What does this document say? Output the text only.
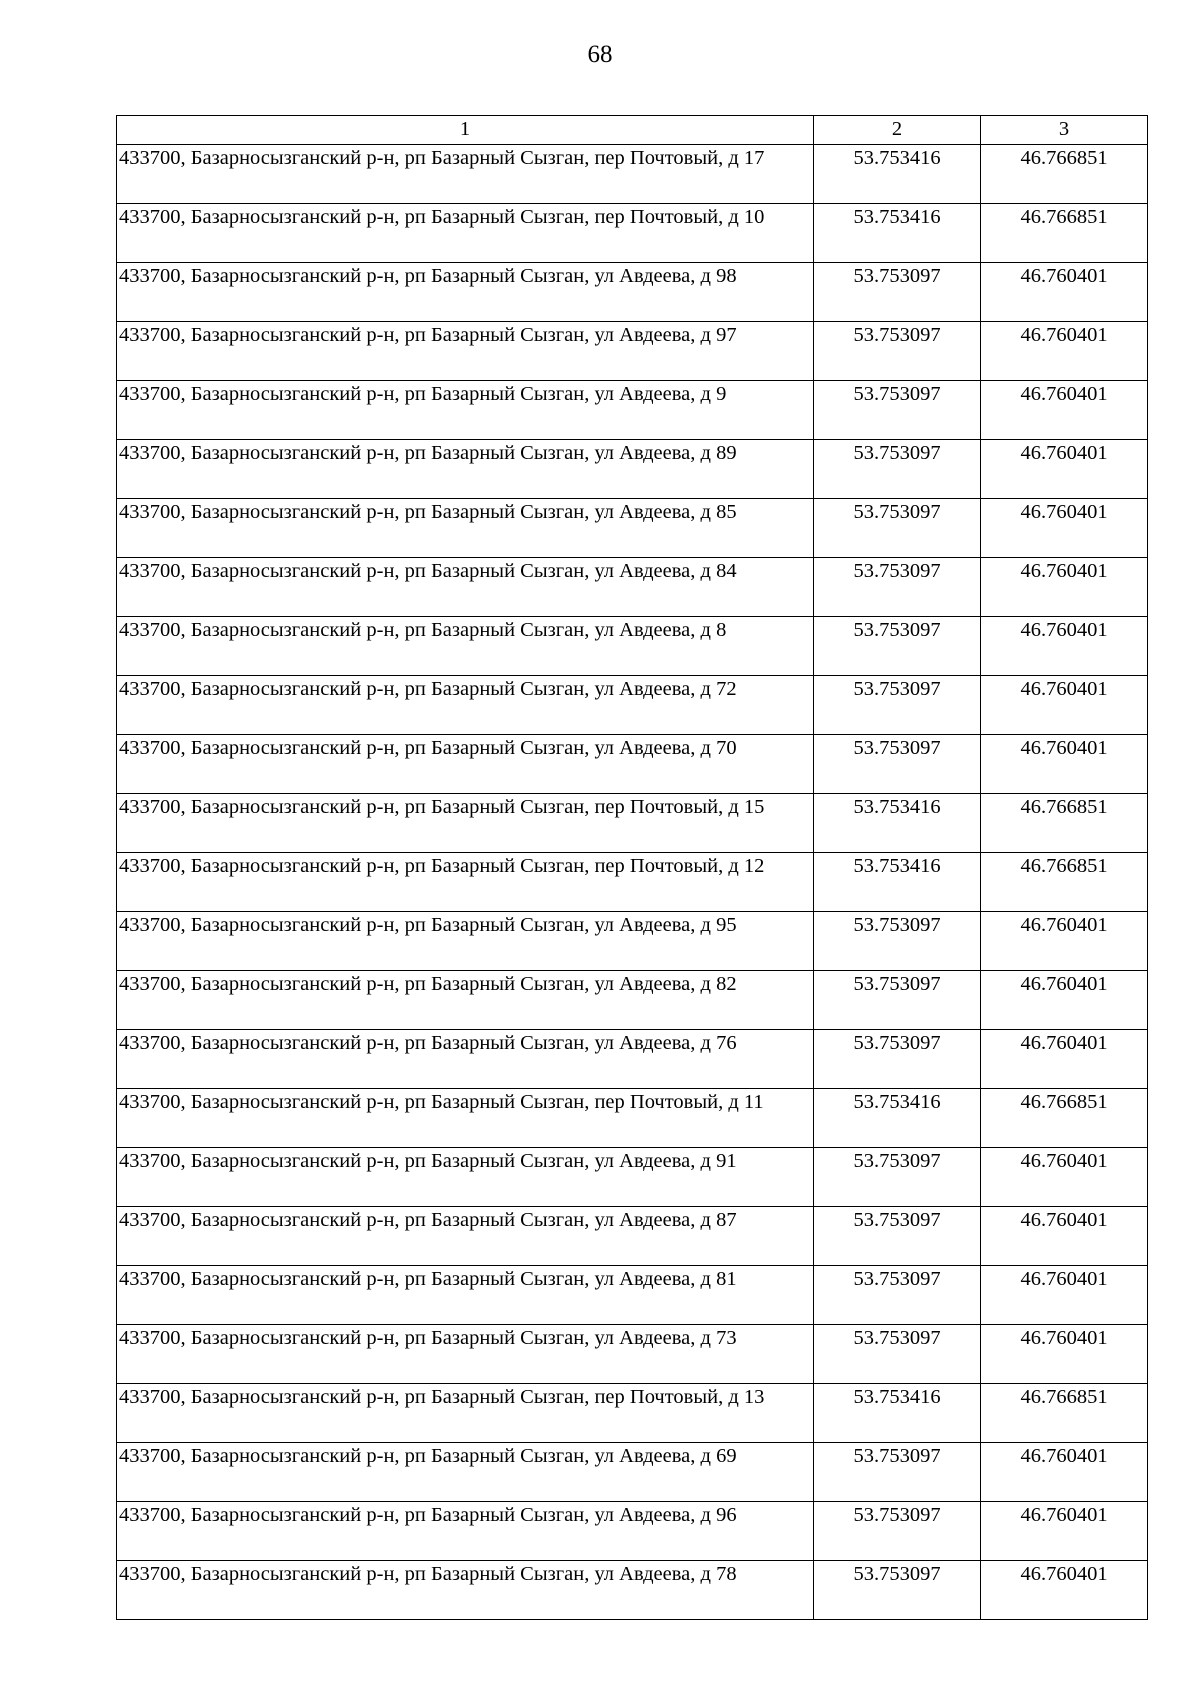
68
1	2	3
433700, Базарносызганский р-н, рп Базарный Сызган, пер Почтовый, д 17	53.753416	46.766851
433700, Базарносызганский р-н, рп Базарный Сызган, пер Почтовый, д 10	53.753416	46.766851
433700, Базарносызганский р-н, рп Базарный Сызган, ул Авдеева, д 98	53.753097	46.760401
433700, Базарносызганский р-н, рп Базарный Сызган, ул Авдеева, д 97	53.753097	46.760401
433700, Базарносызганский р-н, рп Базарный Сызган, ул Авдеева, д 9	53.753097	46.760401
433700, Базарносызганский р-н, рп Базарный Сызган, ул Авдеева, д 89	53.753097	46.760401
433700, Базарносызганский р-н, рп Базарный Сызган, ул Авдеева, д 85	53.753097	46.760401
433700, Базарносызганский р-н, рп Базарный Сызган, ул Авдеева, д 84	53.753097	46.760401
433700, Базарносызганский р-н, рп Базарный Сызган, ул Авдеева, д 8	53.753097	46.760401
433700, Базарносызганский р-н, рп Базарный Сызган, ул Авдеева, д 72	53.753097	46.760401
433700, Базарносызганский р-н, рп Базарный Сызган, ул Авдеева, д 70	53.753097	46.760401
433700, Базарносызганский р-н, рп Базарный Сызган, пер Почтовый, д 15	53.753416	46.766851
433700, Базарносызганский р-н, рп Базарный Сызган, пер Почтовый, д 12	53.753416	46.766851
433700, Базарносызганский р-н, рп Базарный Сызган, ул Авдеева, д 95	53.753097	46.760401
433700, Базарносызганский р-н, рп Базарный Сызган, ул Авдеева, д 82	53.753097	46.760401
433700, Базарносызганский р-н, рп Базарный Сызган, ул Авдеева, д 76	53.753097	46.760401
433700, Базарносызганский р-н, рп Базарный Сызган, пер Почтовый, д 11	53.753416	46.766851
433700, Базарносызганский р-н, рп Базарный Сызган, ул Авдеева, д 91	53.753097	46.760401
433700, Базарносызганский р-н, рп Базарный Сызган, ул Авдеева, д 87	53.753097	46.760401
433700, Базарносызганский р-н, рп Базарный Сызган, ул Авдеева, д 81	53.753097	46.760401
433700, Базарносызганский р-н, рп Базарный Сызган, ул Авдеева, д 73	53.753097	46.760401
433700, Базарносызганский р-н, рп Базарный Сызган, пер Почтовый, д 13	53.753416	46.766851
433700, Базарносызганский р-н, рп Базарный Сызган, ул Авдеева, д 69	53.753097	46.760401
433700, Базарносызганский р-н, рп Базарный Сызган, ул Авдеева, д 96	53.753097	46.760401
433700, Базарносызганский р-н, рп Базарный Сызган, ул Авдеева, д 78	53.753097	46.760401
